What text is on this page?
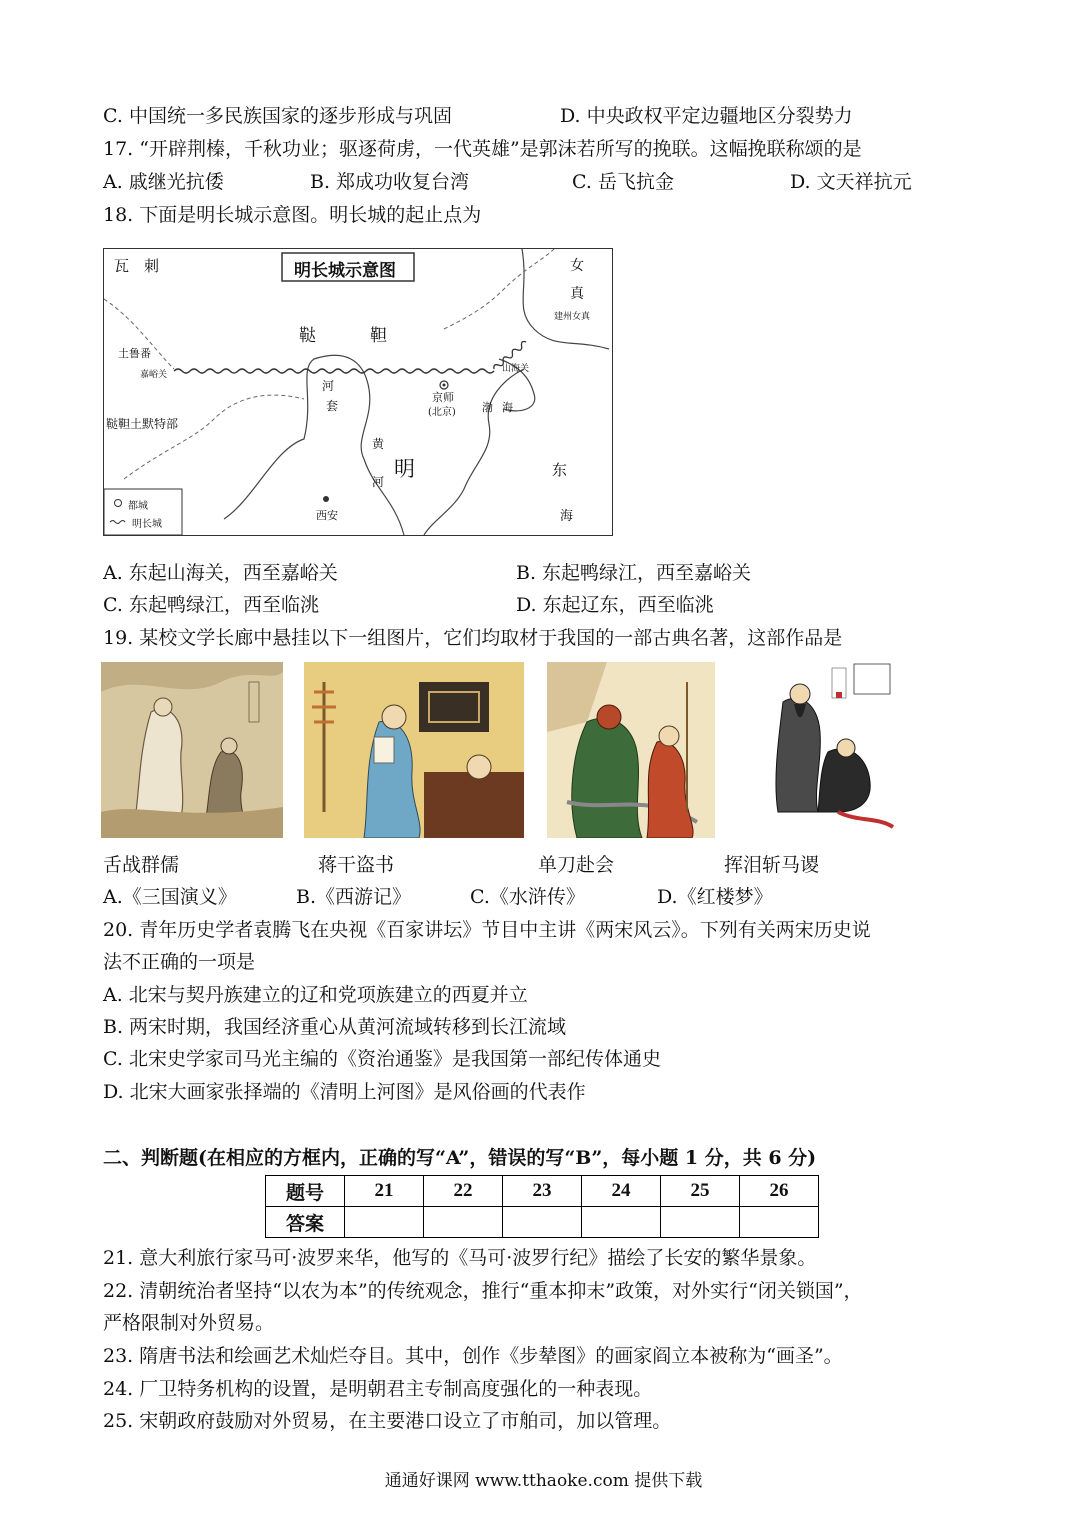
C. 中国统一多民族国家的逐步形成与巩固	D. 中央政权平定边疆地区分裂势力
17. “开辟荆榛，千秋功业；驱逐荷虏，一代英雄”是郭沫若所写的挽联。这幅挽联称颂的是
A. 戚继光抗倭	B. 郑成功收复台湾	C. 岳飞抗金	D. 文天祥抗元
18. 下面是明长城示意图。明长城的起止点为
明长城示意图
瓦 刺	女
真
鞑	靼
土鲁番
嘉峪关
鞑靼土默特部
河
套
黄
河
京师
(北京)
山海关
渤 海
明	东
海
西安
建州女真
都城
明长城
A. 东起山海关，西至嘉峪关	B. 东起鸭绿江，西至嘉峪关
C. 东起鸭绿江，西至临洮	D. 东起辽东，西至临洮
19. 某校文学长廊中悬挂以下一组图片，它们均取材于我国的一部古典名著，这部作品是
舌战群儒	蒋干盗书	单刀赴会	挥泪斩马谡
A.《三国演义》	B.《西游记》	C.《水浒传》	D.《红楼梦》
20. 青年历史学者袁腾飞在央视《百家讲坛》节目中主讲《两宋风云》。下列有关两宋历史说
法不正确的一项是
A. 北宋与契丹族建立的辽和党项族建立的西夏并立
B. 两宋时期，我国经济重心从黄河流域转移到长江流域
C. 北宋史学家司马光主编的《资治通鉴》是我国第一部纪传体通史
D. 北宋大画家张择端的《清明上河图》是风俗画的代表作
二、判断题(在相应的方框内，正确的写“A”，错误的写“B”，每小题 1 分，共 6 分)
题号	21	22	23	24	25	26
答案						
21. 意大利旅行家马可·波罗来华，他写的《马可·波罗行纪》描绘了长安的繁华景象。
22. 清朝统治者坚持“以农为本”的传统观念，推行“重本抑末”政策，对外实行“闭关锁国”，
严格限制对外贸易。
23. 隋唐书法和绘画艺术灿烂夺目。其中，创作《步辇图》的画家阎立本被称为“画圣”。
24. 厂卫特务机构的设置，是明朝君主专制高度强化的一种表现。
25. 宋朝政府鼓励对外贸易，在主要港口设立了市舶司，加以管理。
通通好课网 www.tthaoke.com 提供下载
